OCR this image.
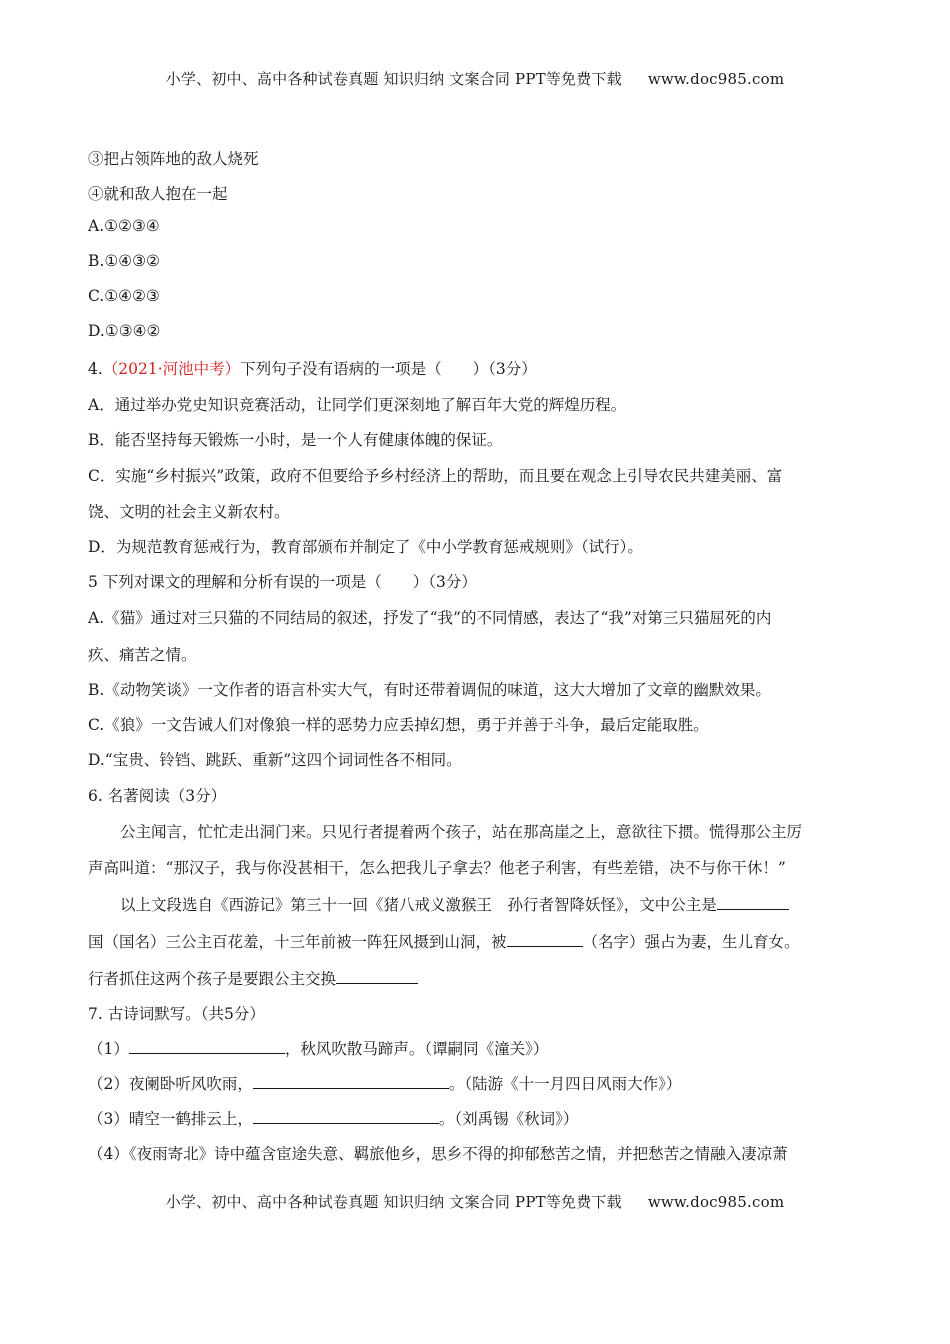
小学、初中、高中各种试卷真题 知识归纳 文案合同 PPT等免费下载 www.doc985.com
③把占领阵地的敌人烧死
④就和敌人抱在一起
A.①②③④
B.①④③②
C.①④②③
D.①③④②
4.（2021·河池中考）下列句子没有语病的一项是（　　）（3分）
A．通过举办党史知识竞赛活动，让同学们更深刻地了解百年大党的辉煌历程。
B．能否坚持每天锻炼一小时，是一个人有健康体魄的保证。
C．实施“乡村振兴”政策，政府不但要给予乡村经济上的帮助，而且要在观念上引导农民共建美丽、富
饶、文明的社会主义新农村。
D．为规范教育惩戒行为，教育部颁布并制定了《中小学教育惩戒规则》（试行）。
5 下列对课文的理解和分析有误的一项是（　　）（3分）
A.《猫》通过对三只猫的不同结局的叙述，抒发了“我”的不同情感，表达了“我”对第三只猫屈死的内
疚、痛苦之情。
B.《动物笑谈》一文作者的语言朴实大气，有时还带着调侃的味道，这大大增加了文章的幽默效果。
C.《狼》一文告诫人们对像狼一样的恶势力应丢掉幻想，勇于并善于斗争，最后定能取胜。
D.“宝贵、铃铛、跳跃、重新”这四个词词性各不相同。
6. 名著阅读（3分）
公主闻言，忙忙走出洞门来。只见行者提着两个孩子，站在那高崖之上，意欲往下掼。慌得那公主厉
声高叫道：“那汉子，我与你没甚相干，怎么把我儿子拿去？他老子利害，有些差错，决不与你干休！”
以上文段选自《西游记》第三十一回《猪八戒义激猴王　孙行者智降妖怪》，文中公主是
国（国名）三公主百花羞，十三年前被一阵狂风摄到山洞，被	（名字）强占为妻，生儿育女。
行者抓住这两个孩子是要跟公主交换
7. 古诗词默写。（共5分）
（1）	，秋风吹散马蹄声。（谭嗣同《潼关》）
（2）夜阑卧听风吹雨，	。（陆游《十一月四日风雨大作》）
（3）晴空一鹤排云上，	。（刘禹锡《秋词》）
（4）《夜雨寄北》诗中蕴含宦途失意、羁旅他乡，思乡不得的抑郁愁苦之情，并把愁苦之情融入凄凉萧
小学、初中、高中各种试卷真题 知识归纳 文案合同 PPT等免费下载 www.doc985.com
